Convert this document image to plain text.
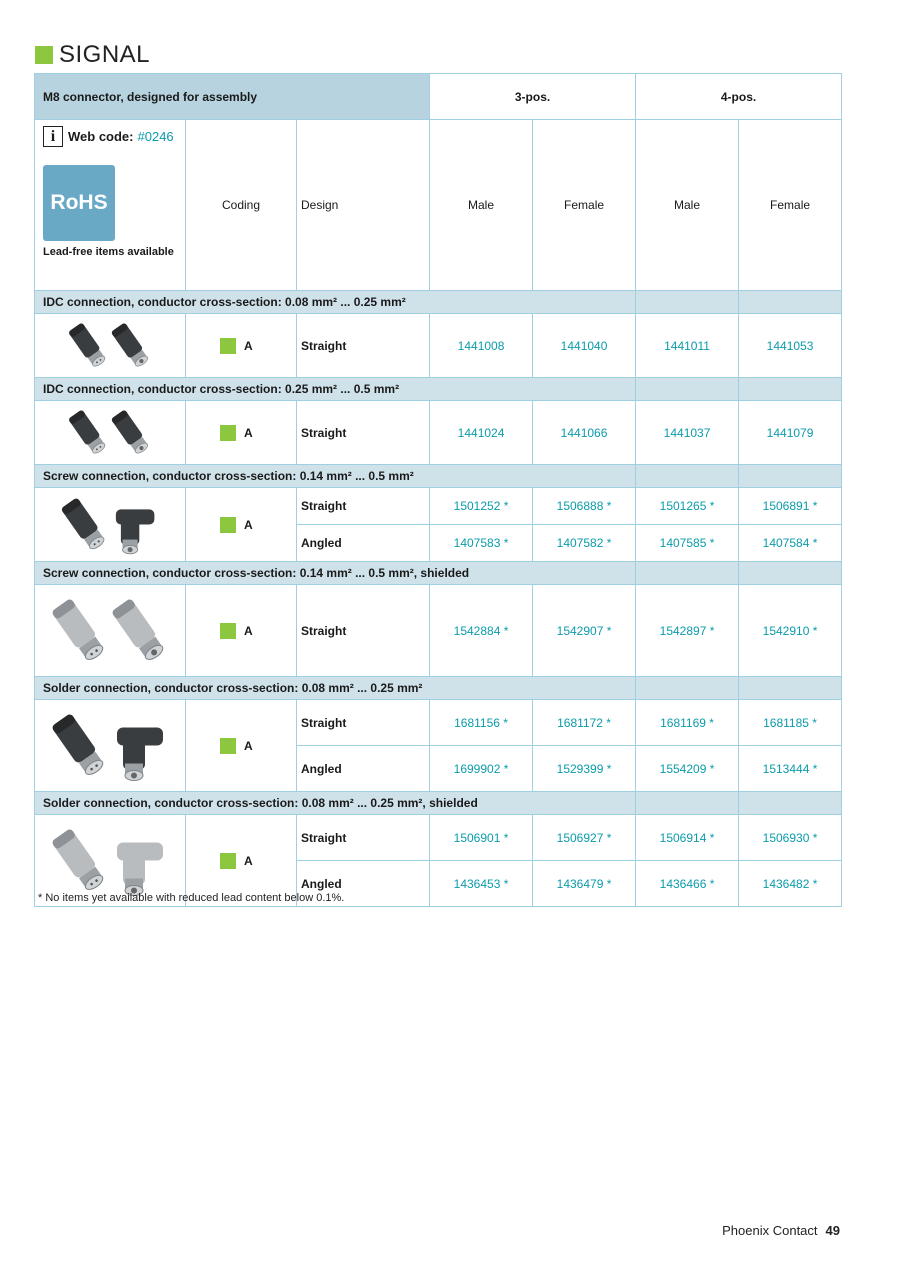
SIGNAL
M8 connector, designed for assembly			3-pos.		4-pos.	

i Web code: #0246
RoHS
Lead-free items available	Coding	Design	Male	Female	Male	Female
IDC connection, conductor cross-section: 0.08 mm² ... 0.25 mm²						

A	Straight	1441008	1441040	1441011	1441053
IDC connection, conductor cross-section: 0.25 mm² ... 0.5 mm²						

A	Straight	1441024	1441066	1441037	1441079
Screw connection, conductor cross-section: 0.14 mm² ... 0.5 mm²						

A	Straight	1501252 *	1506888 *	1501265 *	1506891 *
		Angled	1407583 *	1407582 *	1407585 *	1407584 *
Screw connection, conductor cross-section: 0.14 mm² ... 0.5 mm², shielded						

A	Straight	1542884 *	1542907 *	1542897 *	1542910 *
Solder connection, conductor cross-section: 0.08 mm² ... 0.25 mm²						

A	Straight	1681156 *	1681172 *	1681169 *	1681185 *
		Angled	1699902 *	1529399 *	1554209 *	1513444 *
Solder connection, conductor cross-section: 0.08 mm² ... 0.25 mm², shielded						

A	Straight	1506901 *	1506927 *	1506914 *	1506930 *
		Angled	1436453 *	1436479 *	1436466 *	1436482 *
* No items yet available with reduced lead content below 0.1%.
Phoenix Contact 49
